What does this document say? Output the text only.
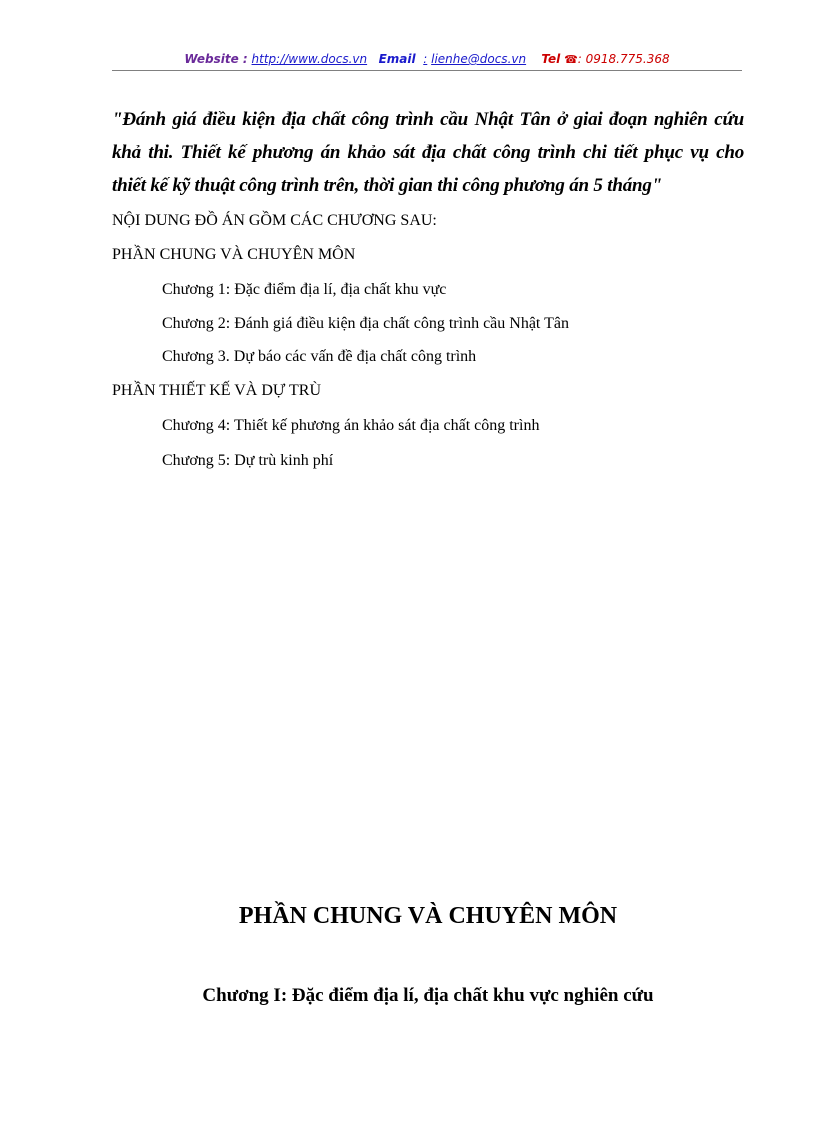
Website : http://www.docs.vn Email : lienhe@docs.vn Tel ☎: 0918.775.368
"Đánh giá điều kiện địa chất công trình cầu Nhật Tân ở giai đoạn nghiên cứu
khả thi. Thiết kế phương án khảo sát địa chất công trình chi tiết phục vụ cho
thiết kế kỹ thuật công trình trên, thời gian thi công phương án 5 tháng"
NỘI DUNG ĐỒ ÁN GỒM CÁC CHƯƠNG SAU:
PHẦN CHUNG VÀ CHUYÊN MÔN
Chương 1: Đặc điểm địa lí, địa chất khu vực
Chương 2: Đánh giá điều kiện địa chất công trình cầu Nhật Tân
Chương 3. Dự báo các vấn đề địa chất công trình
PHẦN THIẾT KẾ VÀ DỰ TRÙ
Chương 4: Thiết kế phương án khảo sát địa chất công trình
Chương 5: Dự trù kinh phí
PHẦN CHUNG VÀ CHUYÊN MÔN
Chương I: Đặc điểm địa lí, địa chất khu vực nghiên cứu
